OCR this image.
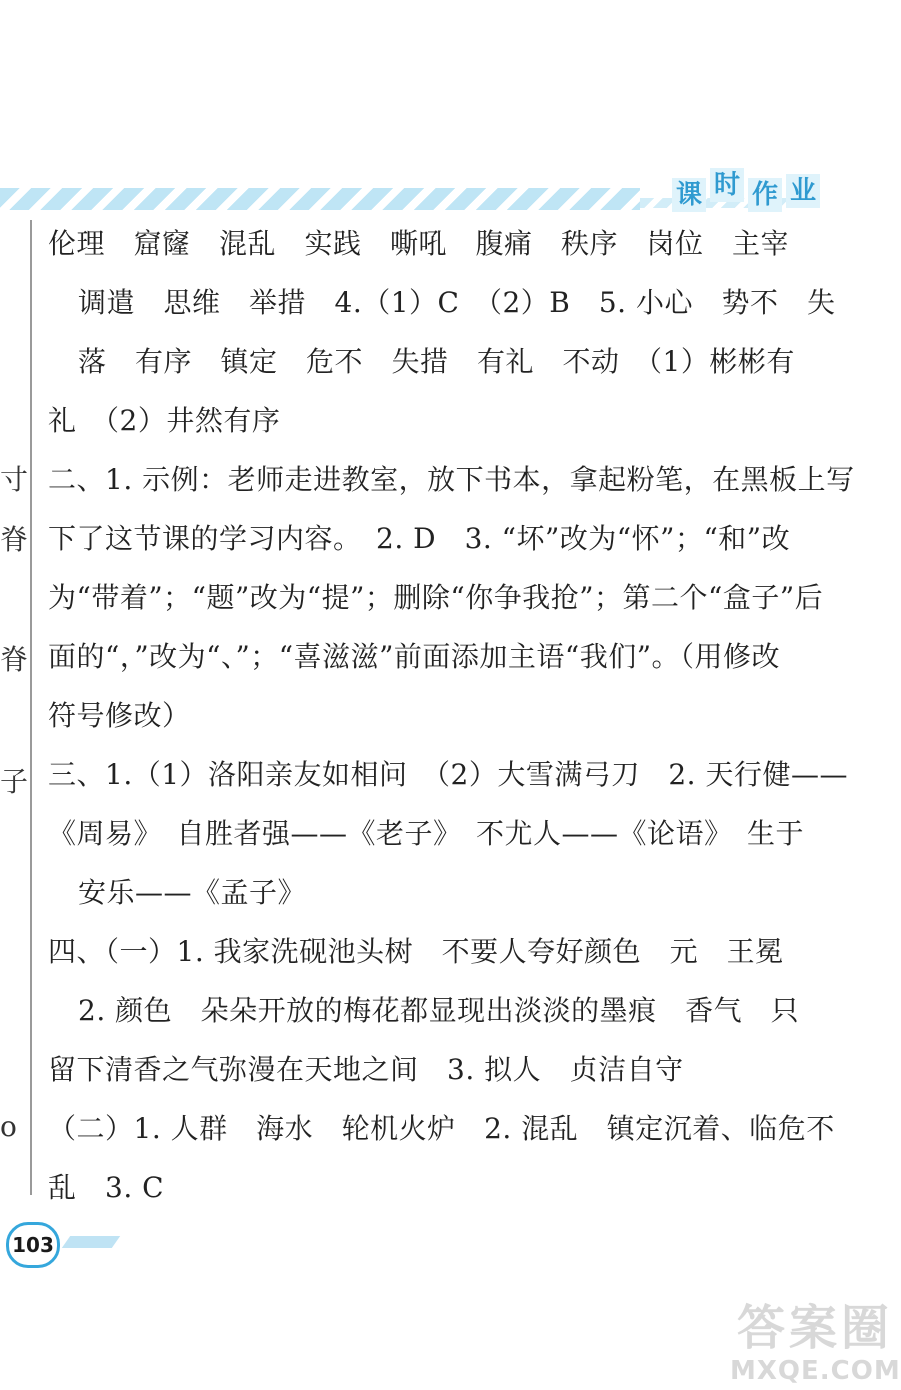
课 时 作 业
寸
脊
脊
子
o
伦理　窟窿　混乱　实践　嘶吼　腹痛　秩序　岗位　主宰
调遣　思维　举措　4.（1）C　（2）B　5. 小心　势不　失
落　有序　镇定　危不　失措　有礼　不动　（1）彬彬有
礼　（2）井然有序
二、1. 示例：老师走进教室，放下书本，拿起粉笔，在黑板上写
下了这节课的学习内容。　2. D　3. “坏”改为“怀”；“和”改
为“带着”；“题”改为“提”；删除“你争我抢”；第二个“盒子”后
面的“，”改为“、”；“喜滋滋”前面添加主语“我们”。（用修改
符号修改）
三、1.（1）洛阳亲友如相问　（2）大雪满弓刀　2. 天行健——
《周易》　自胜者强——《老子》　不尤人——《论语》　生于
安乐——《孟子》
四、（一）1. 我家洗砚池头树　不要人夸好颜色　元　王冕
2. 颜色　朵朵开放的梅花都显现出淡淡的墨痕　香气　只
留下清香之气弥漫在天地之间　3. 拟人　贞洁自守
（二）1. 人群　海水　轮机火炉　2. 混乱　镇定沉着、临危不
乱　3. C
103
答案圈
MXQE.COM
